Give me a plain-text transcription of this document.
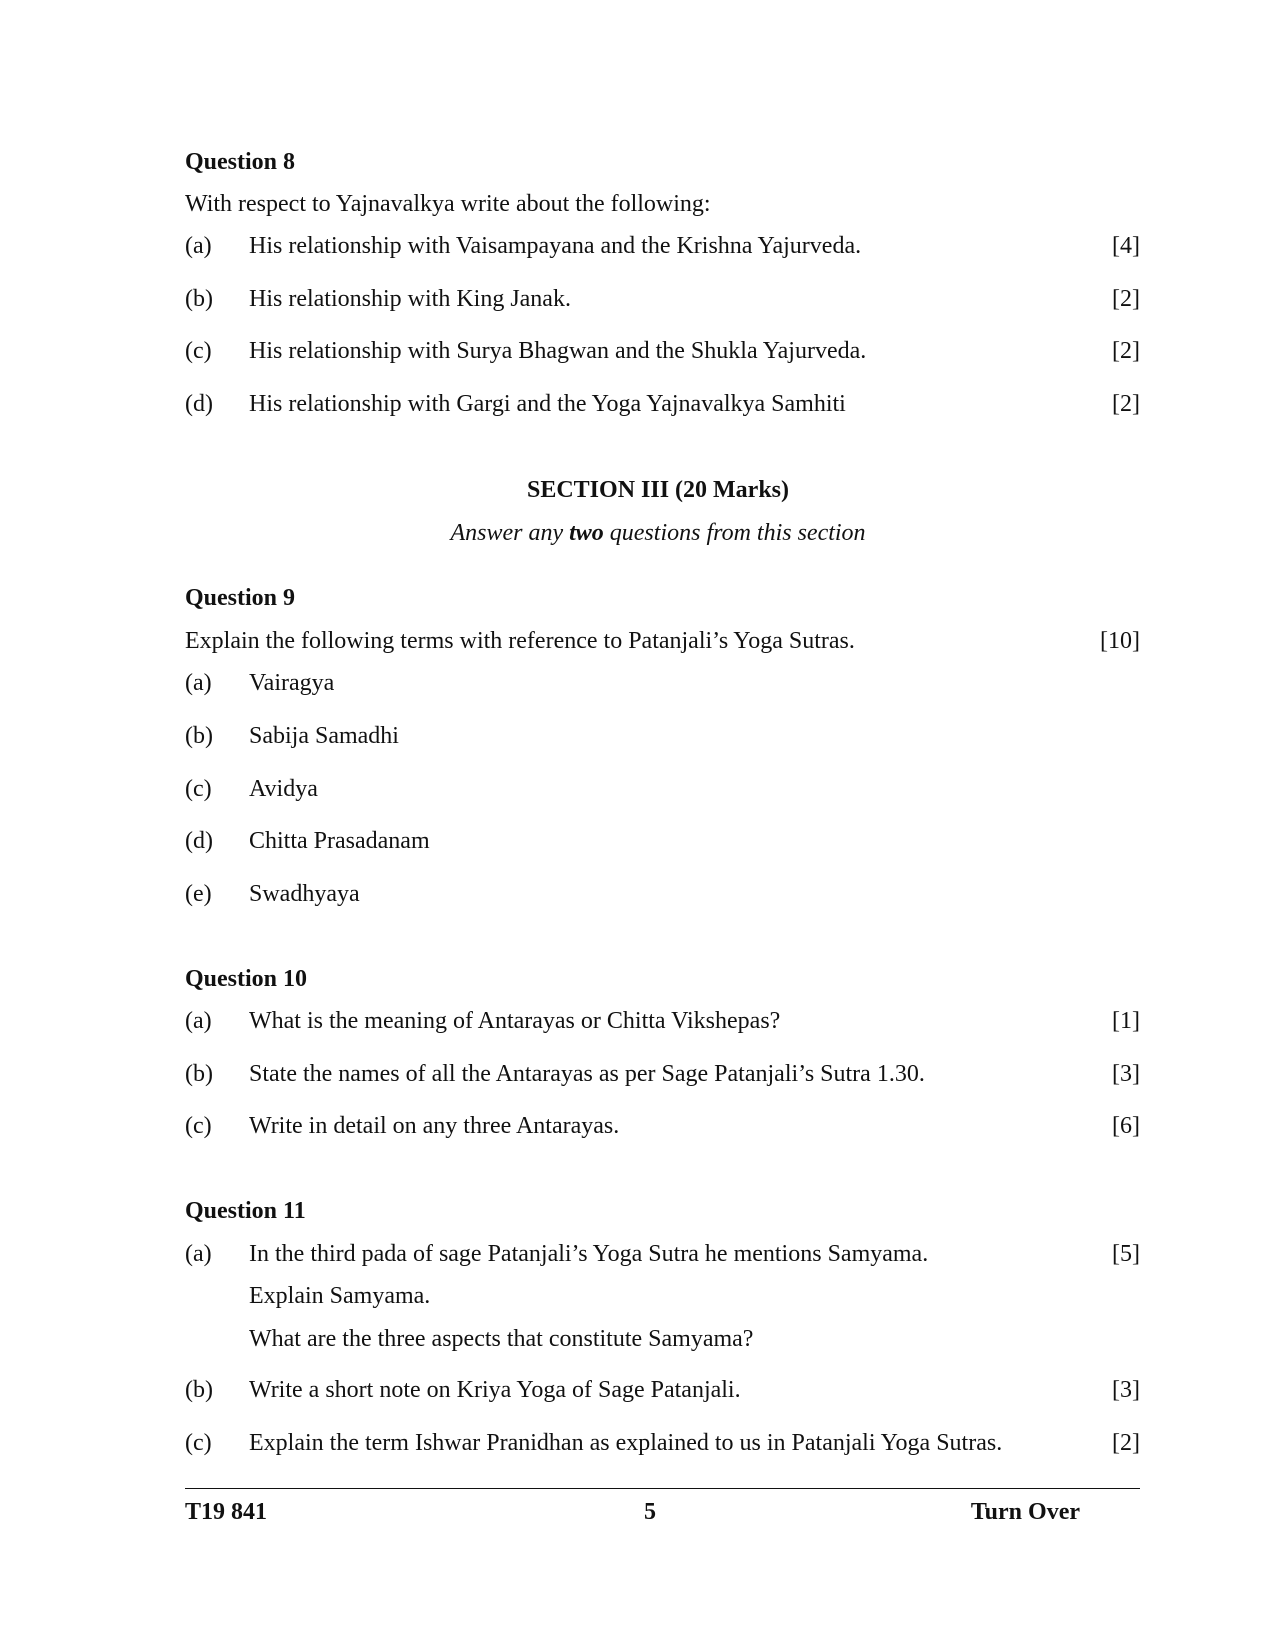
Question 8
With respect to Yajnavalkya write about the following:
(a) His relationship with Vaisampayana and the Krishna Yajurveda.	[4]
(b) His relationship with King Janak.	[2]
(c) His relationship with Surya Bhagwan and the Shukla Yajurveda.	[2]
(d) His relationship with Gargi and the Yoga Yajnavalkya Samhiti	[2]
SECTION III (20 Marks)
Answer any two questions from this section
Question 9
Explain the following terms with reference to Patanjali’s Yoga Sutras.	[10]
(a) Vairagya
(b) Sabija Samadhi
(c) Avidya
(d) Chitta Prasadanam
(e) Swadhyaya
Question 10
(a) What is the meaning of Antarayas or Chitta Vikshepas?	[1]
(b) State the names of all the Antarayas as per Sage Patanjali’s Sutra 1.30.	[3]
(c) Write in detail on any three Antarayas.	[6]
Question 11
(a) In the third pada of sage Patanjali’s Yoga Sutra he mentions Samyama.	[5]
Explain Samyama.
What are the three aspects that constitute Samyama?
(b) Write a short note on Kriya Yoga of Sage Patanjali.	[3]
(c) Explain the term Ishwar Pranidhan as explained to us in Patanjali Yoga Sutras.	[2]
T19 841	5	Turn Over
